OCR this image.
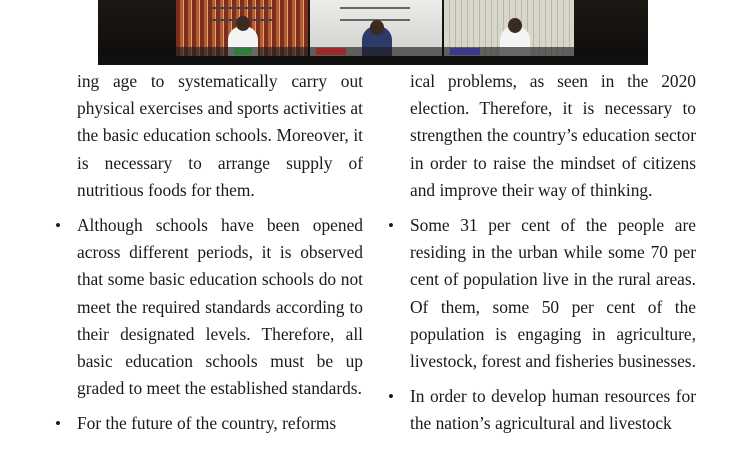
ing age to systematically carry out physical exercises and sports activities at the basic education schools. Moreover, it is necessary to arrange supply of nutritious foods for them.

• Although schools have been opened across different periods, it is observed that some basic education schools do not meet the required standards according to their designated levels. Therefore, all basic education schools must be up graded to meet the established standards.
• For the future of the country, reforms

ical problems, as seen in the 2020 election. Therefore, it is necessary to strengthen the country’s education sector in order to raise the mindset of citizens and improve their way of thinking.

• Some 31 per cent of the people are residing in the urban while some 70 per cent of population live in the rural areas. Of them, some 50 per cent of the population is engaging in agriculture, livestock, forest and fisheries businesses.
• In order to develop human resources for the nation’s agricultural and livestock
